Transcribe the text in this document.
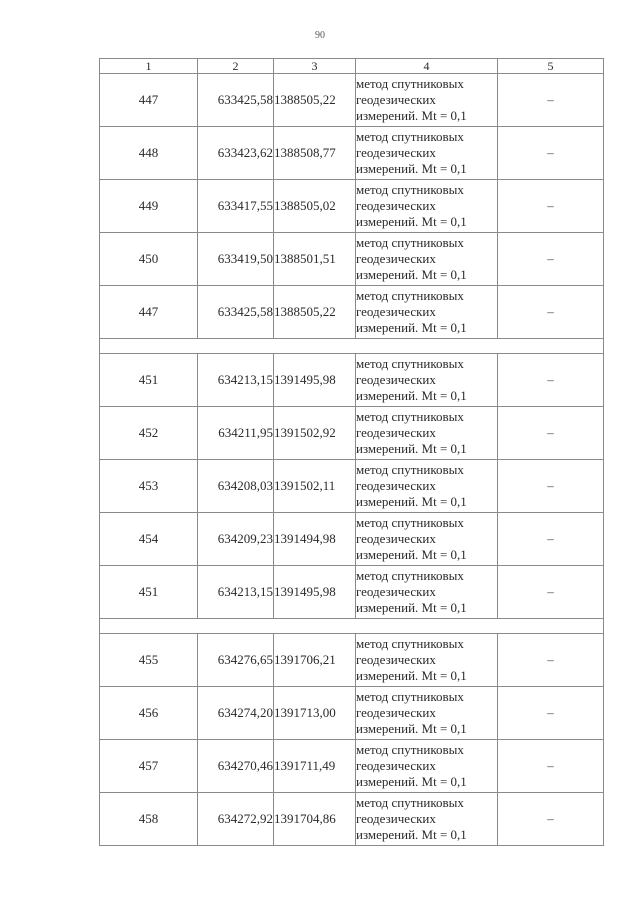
90
1	2	3	4	5
447	633425,58	1388505,22	метод спутниковых
геодезических
измерений. Mt = 0,1	–
448	633423,62	1388508,77	метод спутниковых
геодезических
измерений. Mt = 0,1	–
449	633417,55	1388505,02	метод спутниковых
геодезических
измерений. Mt = 0,1	–
450	633419,50	1388501,51	метод спутниковых
геодезических
измерений. Mt = 0,1	–
447	633425,58	1388505,22	метод спутниковых
геодезических
измерений. Mt = 0,1	–

451	634213,15	1391495,98	метод спутниковых
геодезических
измерений. Mt = 0,1	–
452	634211,95	1391502,92	метод спутниковых
геодезических
измерений. Mt = 0,1	–
453	634208,03	1391502,11	метод спутниковых
геодезических
измерений. Mt = 0,1	–
454	634209,23	1391494,98	метод спутниковых
геодезических
измерений. Mt = 0,1	–
451	634213,15	1391495,98	метод спутниковых
геодезических
измерений. Mt = 0,1	–

455	634276,65	1391706,21	метод спутниковых
геодезических
измерений. Mt = 0,1	–
456	634274,20	1391713,00	метод спутниковых
геодезических
измерений. Mt = 0,1	–
457	634270,46	1391711,49	метод спутниковых
геодезических
измерений. Mt = 0,1	–
458	634272,92	1391704,86	метод спутниковых
геодезических
измерений. Mt = 0,1	–
